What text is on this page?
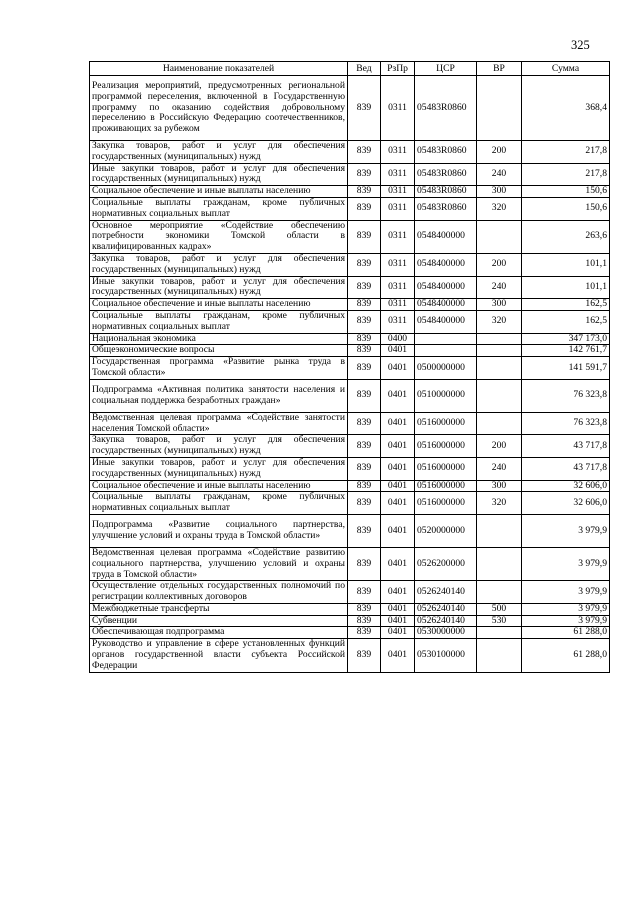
325
Наименование показателей	Вед	РзПр	ЦСР	ВР	Сумма
Реализация мероприятий, предусмотренных региональной программой переселения, включенной в Государственную программу по оказанию содействия добровольному переселению в Российскую Федерацию соотечественников, проживающих за рубежом	839	0311	05483R0860		368,4
Закупка товаров, работ и услуг для обеспечения государственных (муниципальных) нужд	839	0311	05483R0860	200	217,8
Иные закупки товаров, работ и услуг для обеспечения государственных (муниципальных) нужд	839	0311	05483R0860	240	217,8
Социальное обеспечение и иные выплаты населению	839	0311	05483R0860	300	150,6
Социальные выплаты гражданам, кроме публичных нормативных социальных выплат	839	0311	05483R0860	320	150,6
Основное мероприятие «Содействие обеспечению потребности экономики Томской области в квалифицированных кадрах»	839	0311	0548400000		263,6
Закупка товаров, работ и услуг для обеспечения государственных (муниципальных) нужд	839	0311	0548400000	200	101,1
Иные закупки товаров, работ и услуг для обеспечения государственных (муниципальных) нужд	839	0311	0548400000	240	101,1
Социальное обеспечение и иные выплаты населению	839	0311	0548400000	300	162,5
Социальные выплаты гражданам, кроме публичных нормативных социальных выплат	839	0311	0548400000	320	162,5
Национальная экономика	839	0400			347 173,0
Общеэкономические вопросы	839	0401			142 761,7
Государственная программа «Развитие рынка труда в Томской области»	839	0401	0500000000		141 591,7
Подпрограмма «Активная политика занятости населения и социальная поддержка безработных граждан»	839	0401	0510000000		76 323,8
Ведомственная целевая программа «Содействие занятости населения Томской области»	839	0401	0516000000		76 323,8
Закупка товаров, работ и услуг для обеспечения государственных (муниципальных) нужд	839	0401	0516000000	200	43 717,8
Иные закупки товаров, работ и услуг для обеспечения государственных (муниципальных) нужд	839	0401	0516000000	240	43 717,8
Социальное обеспечение и иные выплаты населению	839	0401	0516000000	300	32 606,0
Социальные выплаты гражданам, кроме публичных нормативных социальных выплат	839	0401	0516000000	320	32 606,0
Подпрограмма «Развитие социального партнерства, улучшение условий и охраны труда в Томской области»	839	0401	0520000000		3 979,9
Ведомственная целевая программа «Содействие развитию социального партнерства, улучшению условий и охраны труда в Томской области»	839	0401	0526200000		3 979,9
Осуществление отдельных государственных полномочий по регистрации коллективных договоров	839	0401	0526240140		3 979,9
Межбюджетные трансферты	839	0401	0526240140	500	3 979,9
Субвенции	839	0401	0526240140	530	3 979,9
Обеспечивающая подпрограмма	839	0401	0530000000		61 288,0
Руководство и управление в сфере установленных функций органов государственной власти субъекта Российской Федерации	839	0401	0530100000		61 288,0
